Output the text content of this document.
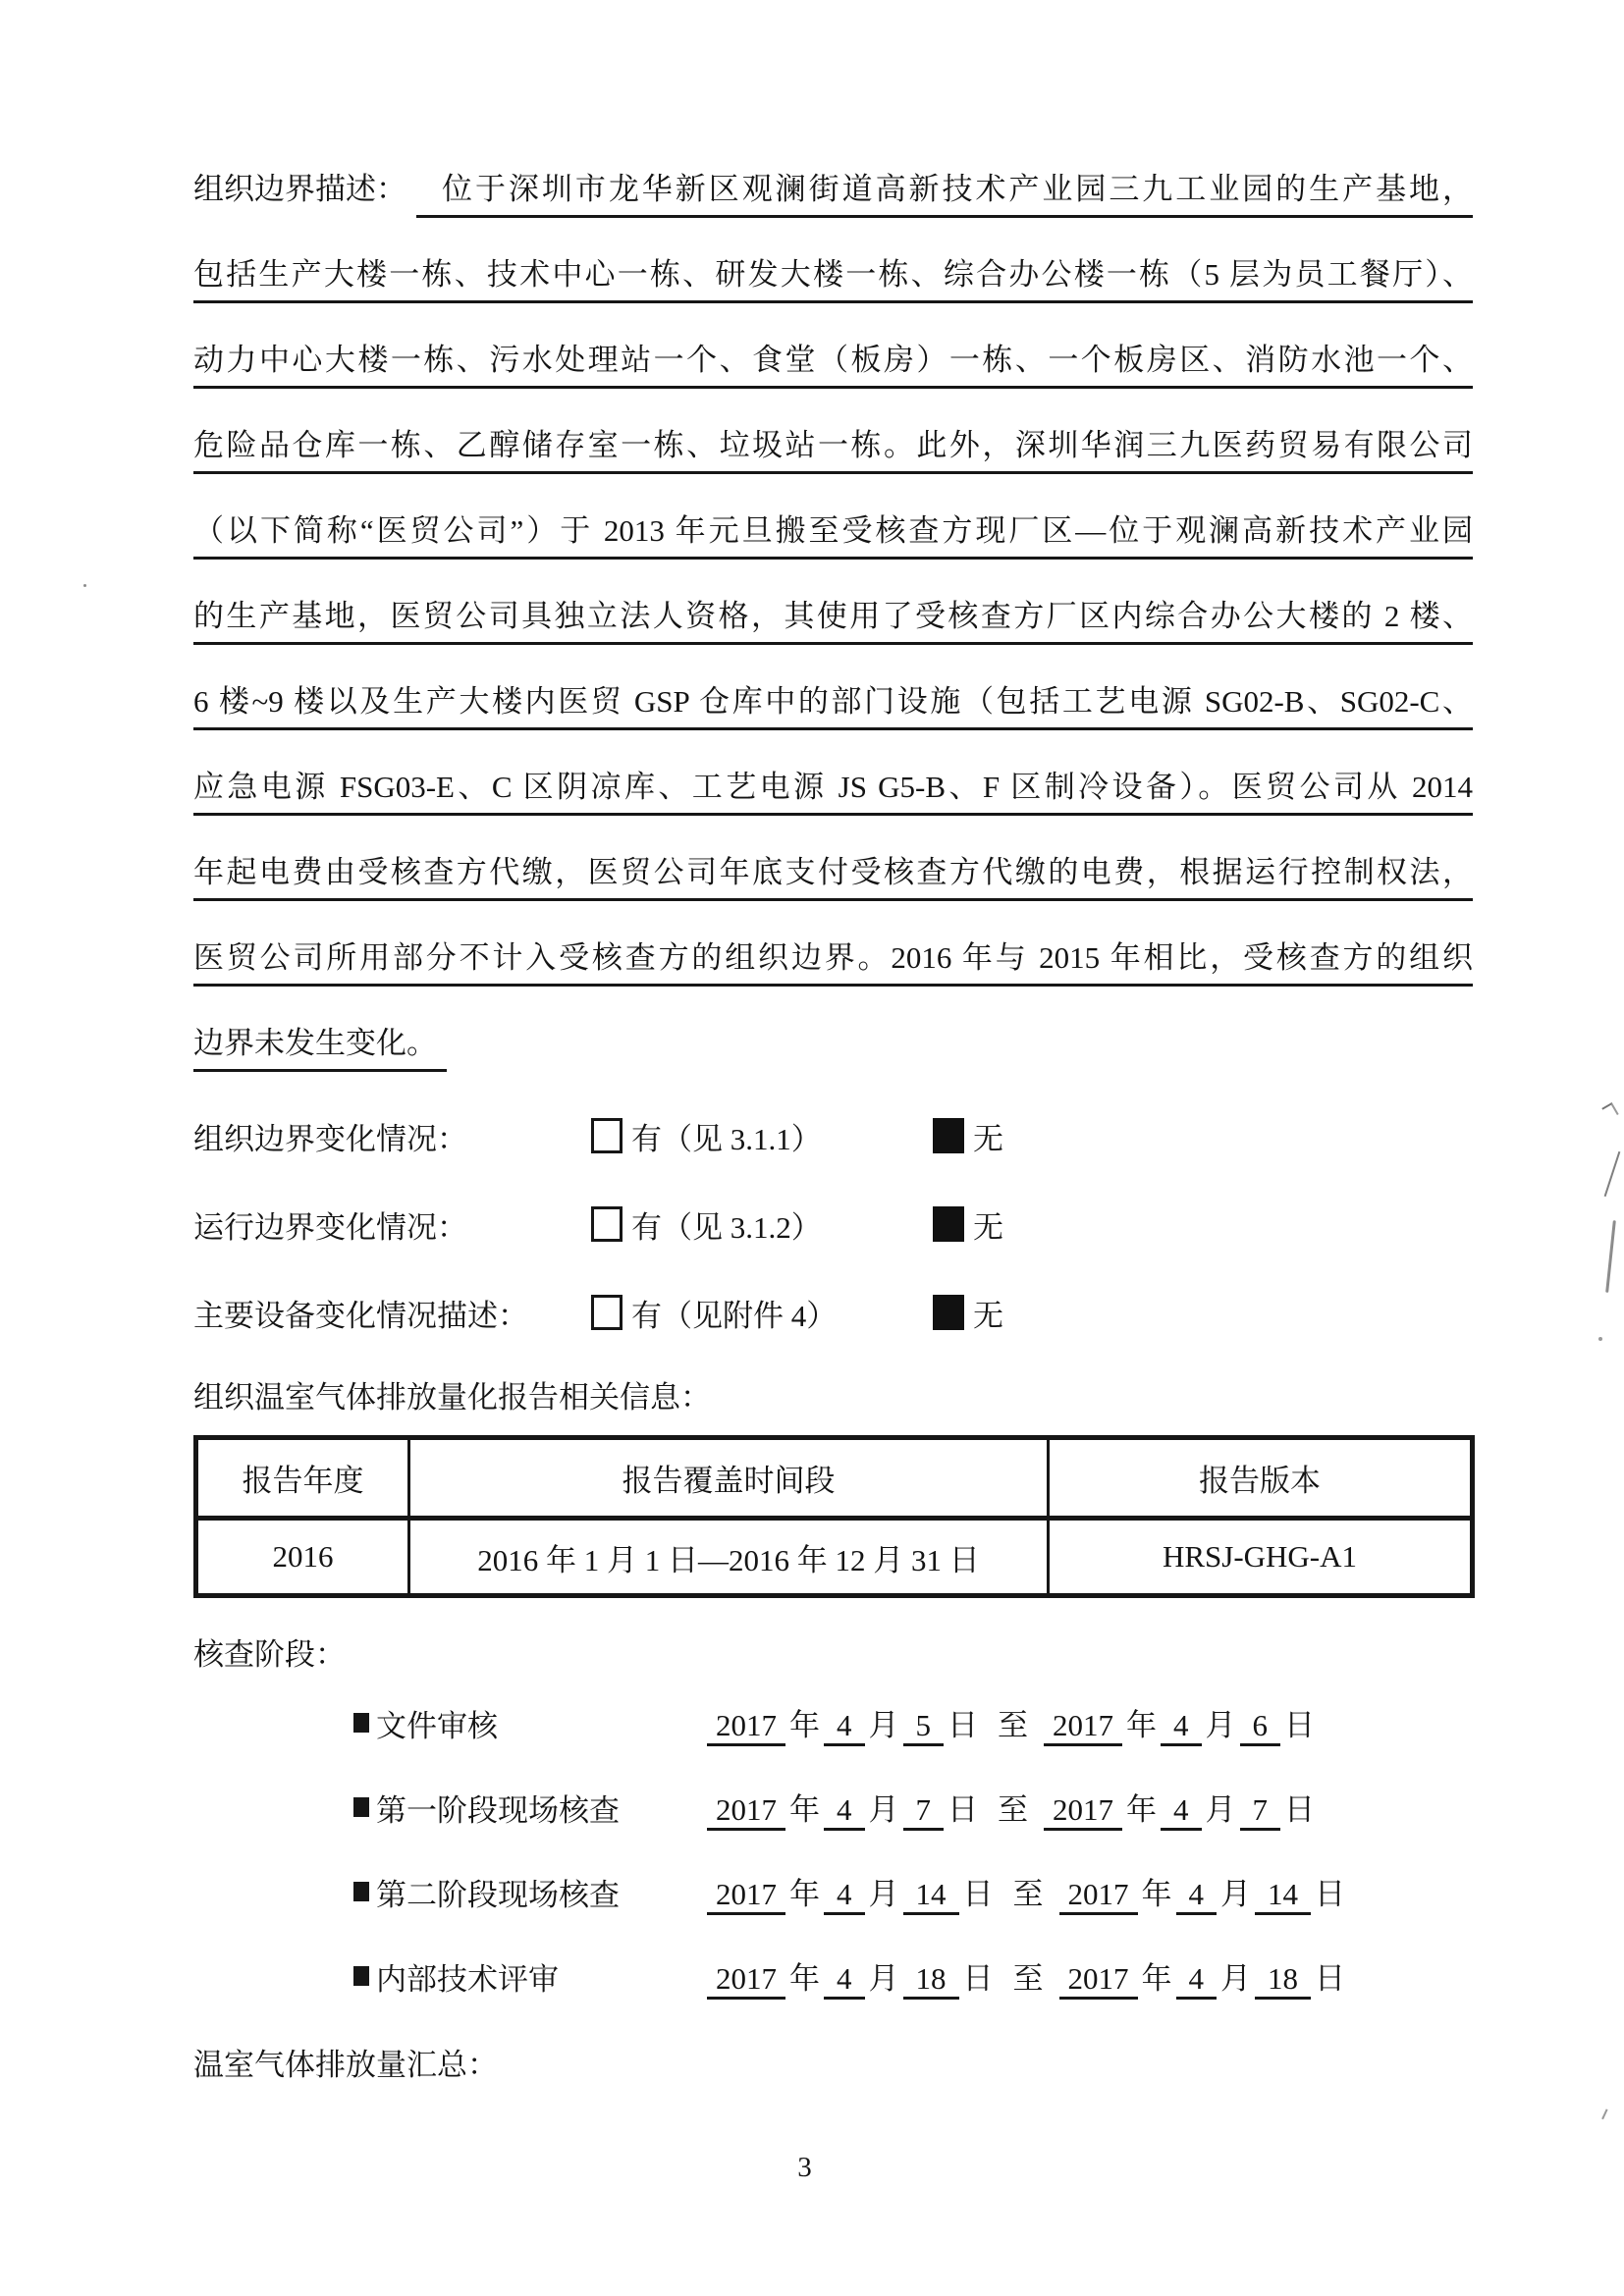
组织边界描述：	位于深圳市龙华新区观澜街道高新技术产业园三九工业园的生产基地，
包括生产大楼一栋、技术中心一栋、研发大楼一栋、综合办公楼一栋（5 层为员工餐厅）、
动力中心大楼一栋、污水处理站一个、食堂（板房）一栋、一个板房区、消防水池一个、
危险品仓库一栋、乙醇储存室一栋、垃圾站一栋。此外，深圳华润三九医药贸易有限公司
（以下简称“医贸公司”）于 2013 年元旦搬至受核查方现厂区—位于观澜高新技术产业园
的生产基地，医贸公司具独立法人资格，其使用了受核查方厂区内综合办公大楼的 2 楼、
6 楼~9 楼以及生产大楼内医贸 GSP 仓库中的部门设施（包括工艺电源 SG02-B、SG02-C、
应急电源 FSG03-E、C 区阴凉库、工艺电源 JS G5-B、F 区制冷设备）。医贸公司从 2014
年起电费由受核查方代缴，医贸公司年底支付受核查方代缴的电费，根据运行控制权法，
医贸公司所用部分不计入受核查方的组织边界。2016 年与 2015 年相比，受核查方的组织
边界未发生变化。
组织边界变化情况：	有（见 3.1.1）	无
运行边界变化情况：	有（见 3.1.2）	无
主要设备变化情况描述：	有（见附件 4）	无
组织温室气体排放量化报告相关信息：
报告年度	报告覆盖时间段	报告版本
2016	2016 年 1 月 1 日—2016 年 12 月 31 日	HRSJ-GHG-A1
核查阶段：
文件审核	2017 年 4 月 5 日 至 2017 年 4 月 6 日
第一阶段现场核查	2017 年 4 月 7 日 至 2017 年 4 月 7 日
第二阶段现场核查	2017 年 4 月 14 日 至 2017 年 4 月 14 日
内部技术评审	2017 年 4 月 18 日 至 2017 年 4 月 18 日
温室气体排放量汇总：
3
